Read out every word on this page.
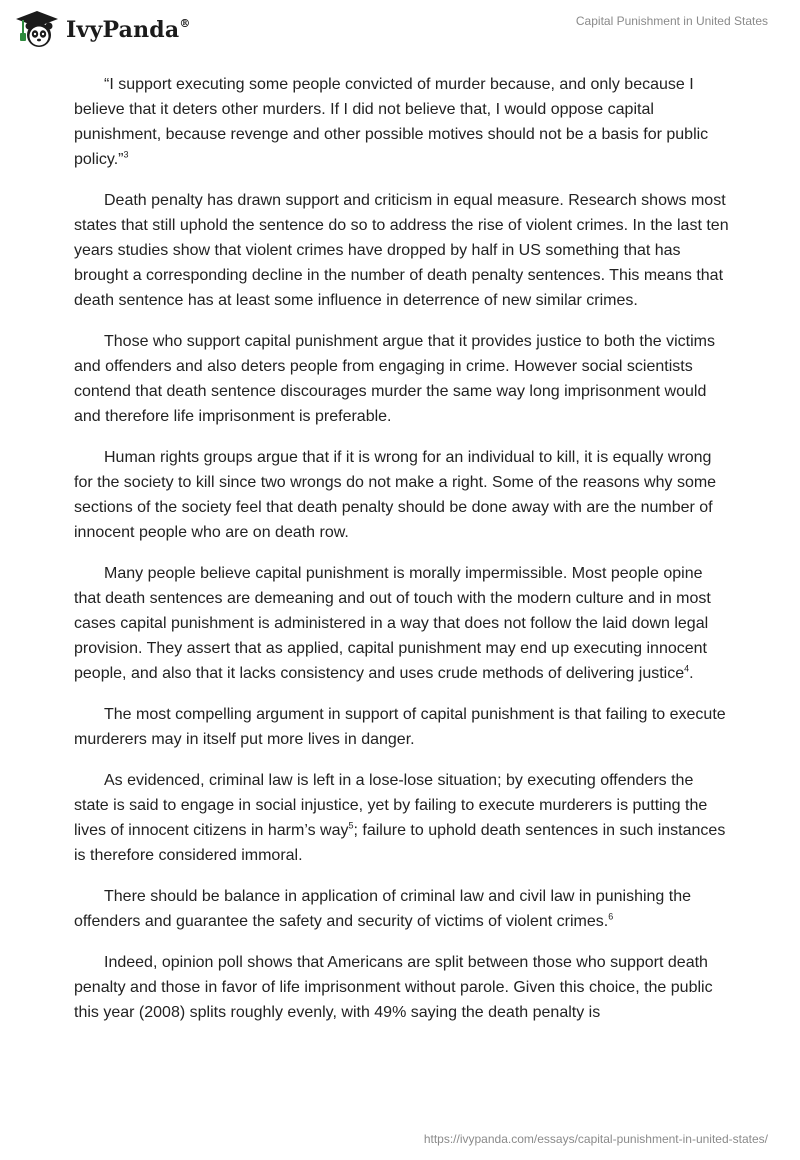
IvyPanda®	Capital Punishment in United States

“I support executing some people convicted of murder because, and only because I believe that it deters other murders. If I did not believe that, I would oppose capital punishment, because revenge and other possible motives should not be a basis for public policy.”$^3$

Death penalty has drawn support and criticism in equal measure. Research shows most states that still uphold the sentence do so to address the rise of violent crimes. In the last ten years studies show that violent crimes have dropped by half in US something that has brought a corresponding decline in the number of death penalty sentences. This means that death sentence has at least some influence in deterrence of new similar crimes.

Those who support capital punishment argue that it provides justice to both the victims and offenders and also deters people from engaging in crime. However social scientists contend that death sentence discourages murder the same way long imprisonment would and therefore life imprisonment is preferable.

Human rights groups argue that if it is wrong for an individual to kill, it is equally wrong for the society to kill since two wrongs do not make a right. Some of the reasons why some sections of the society feel that death penalty should be done away with are the number of innocent people who are on death row.

Many people believe capital punishment is morally impermissible. Most people opine that death sentences are demeaning and out of touch with the modern culture and in most cases capital punishment is administered in a way that does not follow the laid down legal provision. They assert that as applied, capital punishment may end up executing innocent people, and also that it lacks consistency and uses crude methods of delivering justice$^4$.

The most compelling argument in support of capital punishment is that failing to execute murderers may in itself put more lives in danger.

As evidenced, criminal law is left in a lose-lose situation; by executing offenders the state is said to engage in social injustice, yet by failing to execute murderers is putting the lives of innocent citizens in harm’s way$^5$; failure to uphold death sentences in such instances is therefore considered immoral.

There should be balance in application of criminal law and civil law in punishing the offenders and guarantee the safety and security of victims of violent crimes.$^6$

Indeed, opinion poll shows that Americans are split between those who support death penalty and those in favor of life imprisonment without parole. Given this choice, the public this year (2008) splits roughly evenly, with 49% saying the death penalty is

https://ivypanda.com/essays/capital-punishment-in-united-states/
